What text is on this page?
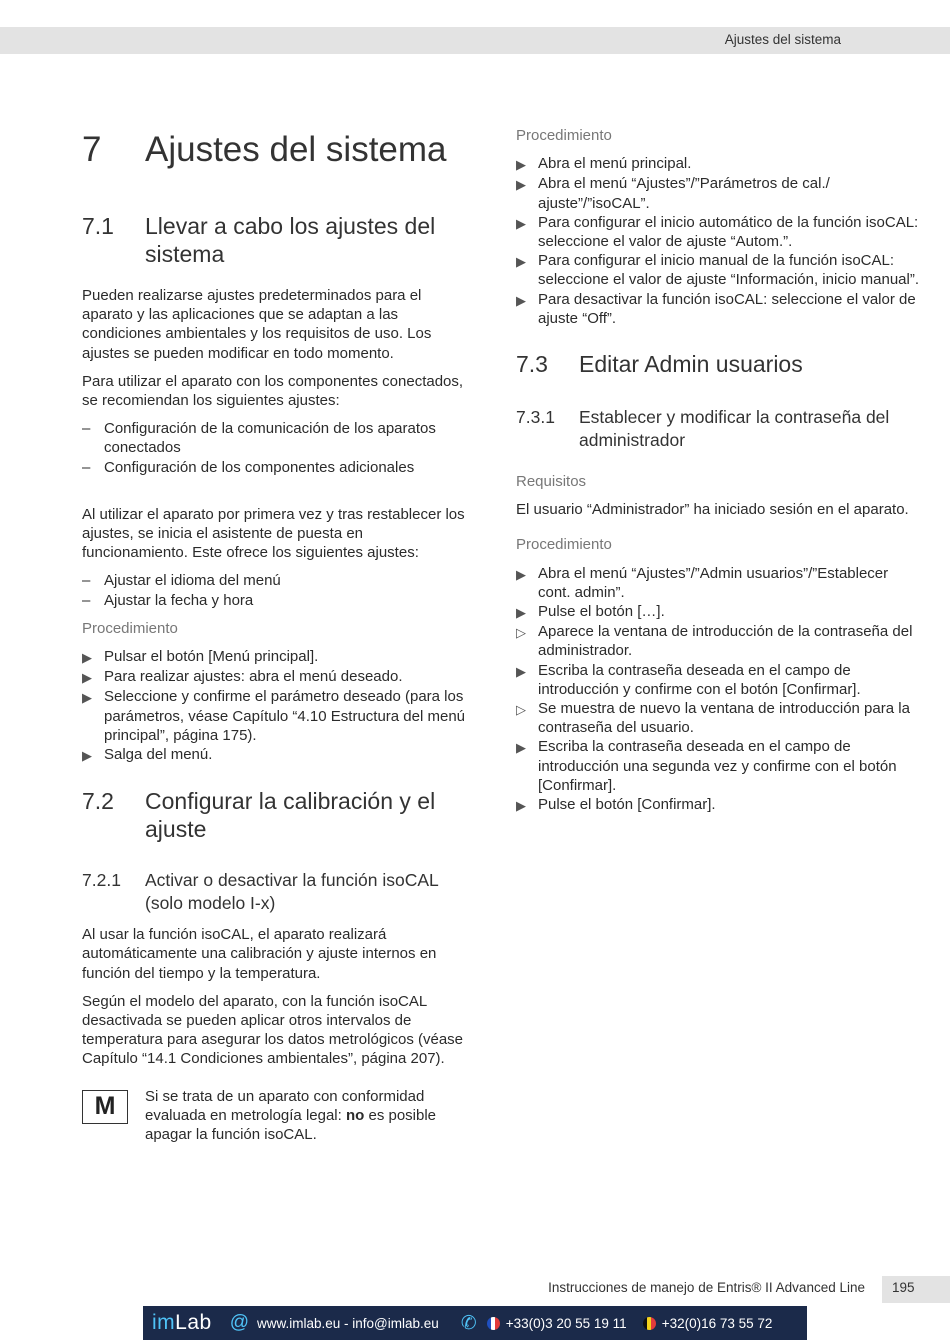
Ajustes del sistema
7	Ajustes del sistema
7.1	Llevar a cabo los ajustes del sistema

Pueden realizarse ajustes predeterminados para el aparato y las aplicaciones que se adaptan a las condiciones ambientales y los requisitos de uso. Los ajustes se pueden modificar en todo momento.

Para utilizar el aparato con los componentes conectados, se recomiendan los siguientes ajustes:

– Configuración de la comunicación de los aparatos conectados
– Configuración de los componentes adicionales

Al utilizar el aparato por primera vez y tras restablecer los ajustes, se inicia el asistente de puesta en funcionamiento. Este ofrece los siguientes ajustes:

– Ajustar el idioma del menú
– Ajustar la fecha y hora
Procedimiento
▶ Pulsar el botón [Menú principal].
▶ Para realizar ajustes: abra el menú deseado.
▶ Seleccione y confirme el parámetro deseado (para los parámetros, véase Capítulo “4.10 Estructura del menú principal”, página 175).
▶ Salga del menú.
7.2	Configurar la calibración y el ajuste
7.2.1	Activar o desactivar la función isoCAL (solo modelo I-x)

Al usar la función isoCAL, el aparato realizará automáticamente una calibración y ajuste internos en función del tiempo y la temperatura.

Según el modelo del aparato, con la función isoCAL desactivada se pueden aplicar otros intervalos de temperatura para asegurar los datos metrológicos (véase Capítulo “14.1 Condiciones ambientales”, página 207).

M	Si se trata de un aparato con conformidad evaluada en metrología legal: no es posible apagar la función isoCAL.
Procedimiento
▶ Abra el menú principal.
▶ Abra el menú “Ajustes”/”Parámetros de cal./ ajuste”/”isoCAL”.
▶ Para configurar el inicio automático de la función isoCAL: seleccione el valor de ajuste “Autom.”.
▶ Para configurar el inicio manual de la función isoCAL: seleccione el valor de ajuste “Información, inicio manual”.
▶ Para desactivar la función isoCAL: seleccione el valor de ajuste “Off”.
7.3	Editar Admin usuarios
7.3.1	Establecer y modificar la contraseña del administrador
Requisitos

El usuario “Administrador” ha iniciado sesión en el aparato.

Procedimiento
▶ Abra el menú “Ajustes”/”Admin usuarios”/”Establecer cont. admin”.
▶ Pulse el botón […].
▷ Aparece la ventana de introducción de la contraseña del administrador.
▶ Escriba la contraseña deseada en el campo de introducción y confirme con el botón [Confirmar].
▷ Se muestra de nuevo la ventana de introducción para la contraseña del usuario.
▶ Escriba la contraseña deseada en el campo de introducción una segunda vez y confirme con el botón [Confirmar].
▶ Pulse el botón [Confirmar].
Instrucciones de manejo de Entris® II Advanced Line	195
imLab @ www.imlab.eu - info@imlab.eu ✆ +33(0)3 20 55 19 11	+32(0)16 73 55 72
